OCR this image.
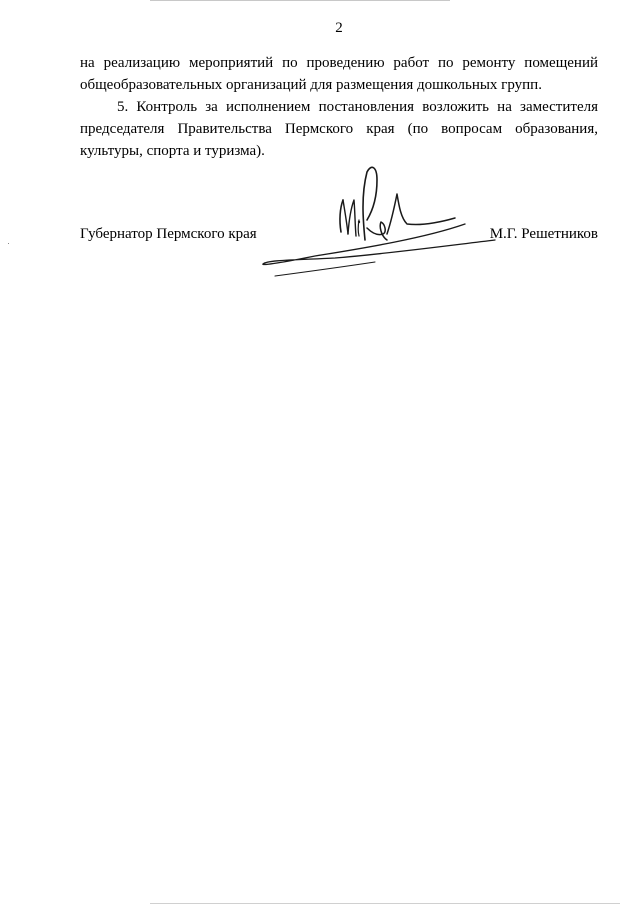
2

на реализацию мероприятий по проведению работ по ремонту помещений общеобразовательных организаций для размещения дошкольных групп.

5. Контроль за исполнением постановления возложить на заместителя председателя Правительства Пермского края (по вопросам образования, культуры, спорта и туризма).

Губернатор Пермского края	М.Г. Решетников
